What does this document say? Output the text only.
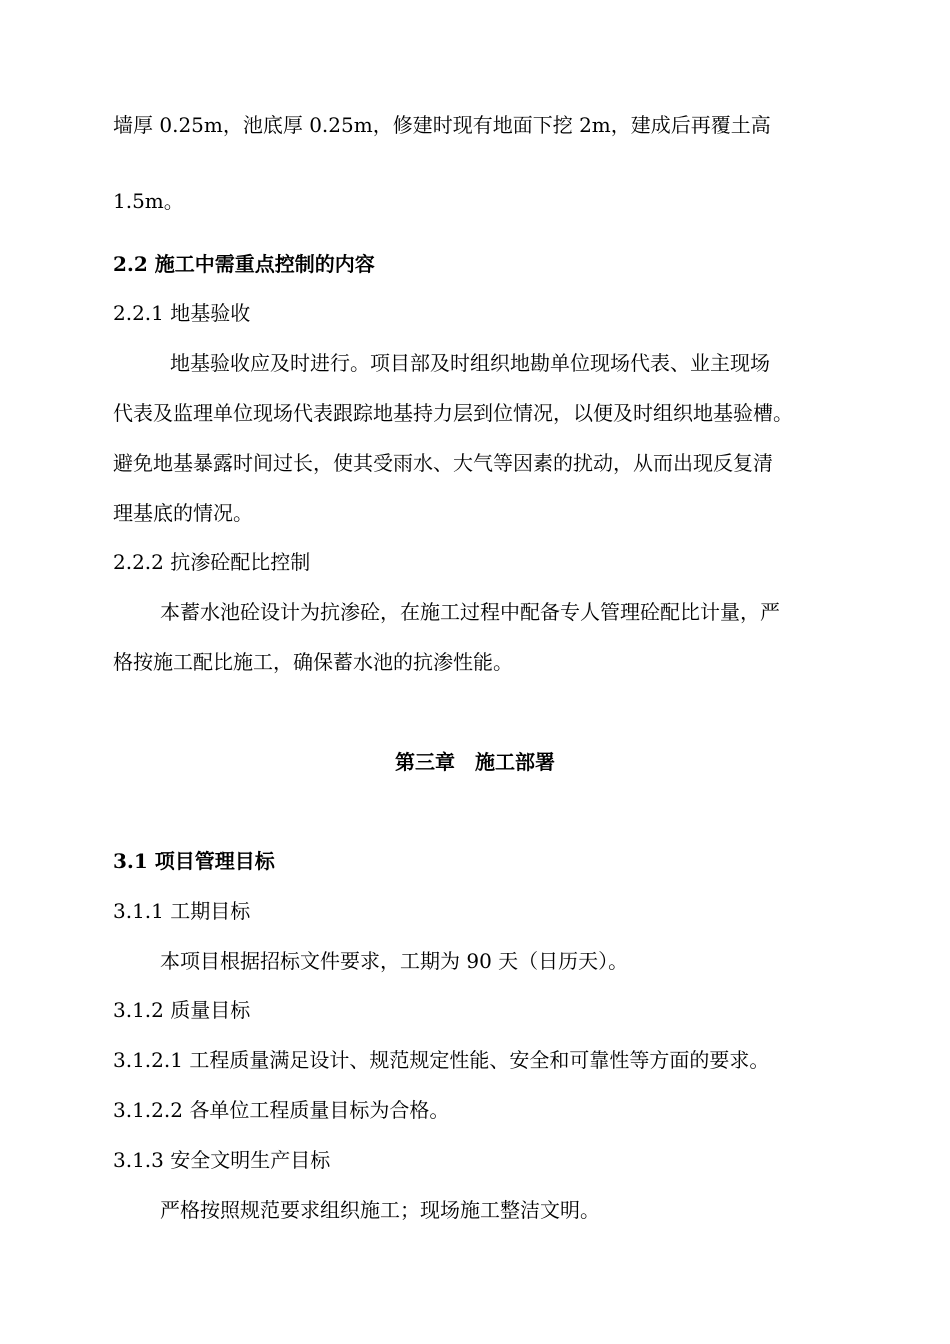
墙厚 0.25m，池底厚 0.25m，修建时现有地面下挖 2m，建成后再覆土高
1.5m。
2.2 施工中需重点控制的内容
2.2.1 地基验收
地基验收应及时进行。项目部及时组织地勘单位现场代表、业主现场
代表及监理单位现场代表跟踪地基持力层到位情况，以便及时组织地基验槽。
避免地基暴露时间过长，使其受雨水、大气等因素的扰动，从而出现反复清
理基底的情况。
2.2.2 抗渗砼配比控制
本蓄水池砼设计为抗渗砼，在施工过程中配备专人管理砼配比计量，严
格按施工配比施工，确保蓄水池的抗渗性能。
第三章　施工部署
3.1 项目管理目标
3.1.1 工期目标
本项目根据招标文件要求，工期为 90 天（日历天）。
3.1.2 质量目标
3.1.2.1 工程质量满足设计、规范规定性能、安全和可靠性等方面的要求。
3.1.2.2 各单位工程质量目标为合格。
3.1.3 安全文明生产目标
严格按照规范要求组织施工；现场施工整洁文明。
